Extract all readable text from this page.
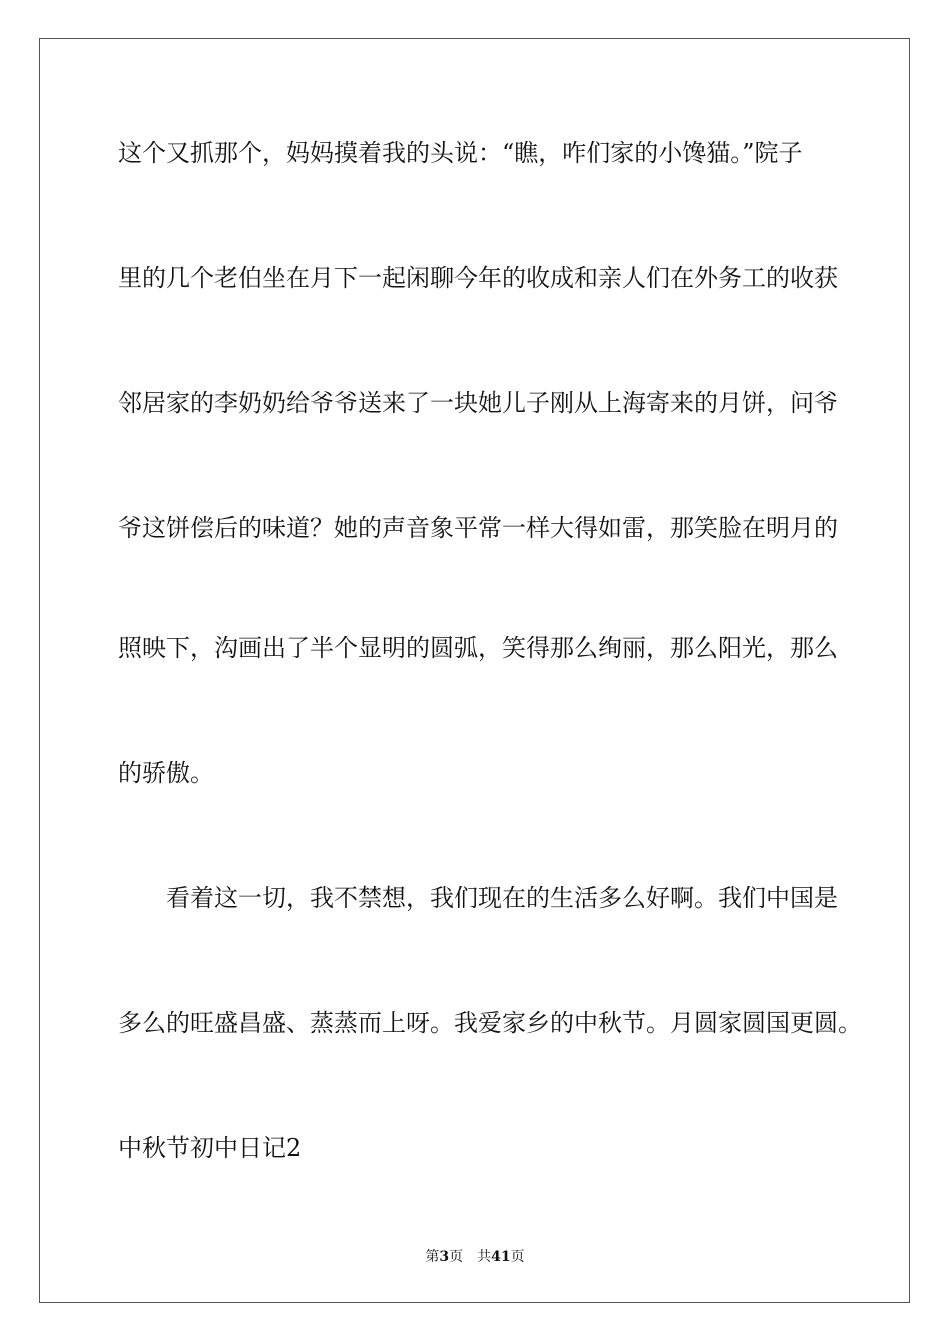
这个又抓那个，妈妈摸着我的头说：“瞧，咋们家的小馋猫。”院子
里的几个老伯坐在月下一起闲聊今年的收成和亲人们在外务工的收获
邻居家的李奶奶给爷爷送来了一块她儿子刚从上海寄来的月饼，问爷
爷这饼偿后的味道？她的声音象平常一样大得如雷，那笑脸在明月的
照映下，沟画出了半个显明的圆弧，笑得那么绚丽，那么阳光，那么
的骄傲。
看着这一切，我不禁想，我们现在的生活多么好啊。我们中国是
多么的旺盛昌盛、蒸蒸而上呀。我爱家乡的中秋节。月圆家圆国更圆。
中秋节初中日记2
第3页 共41页
